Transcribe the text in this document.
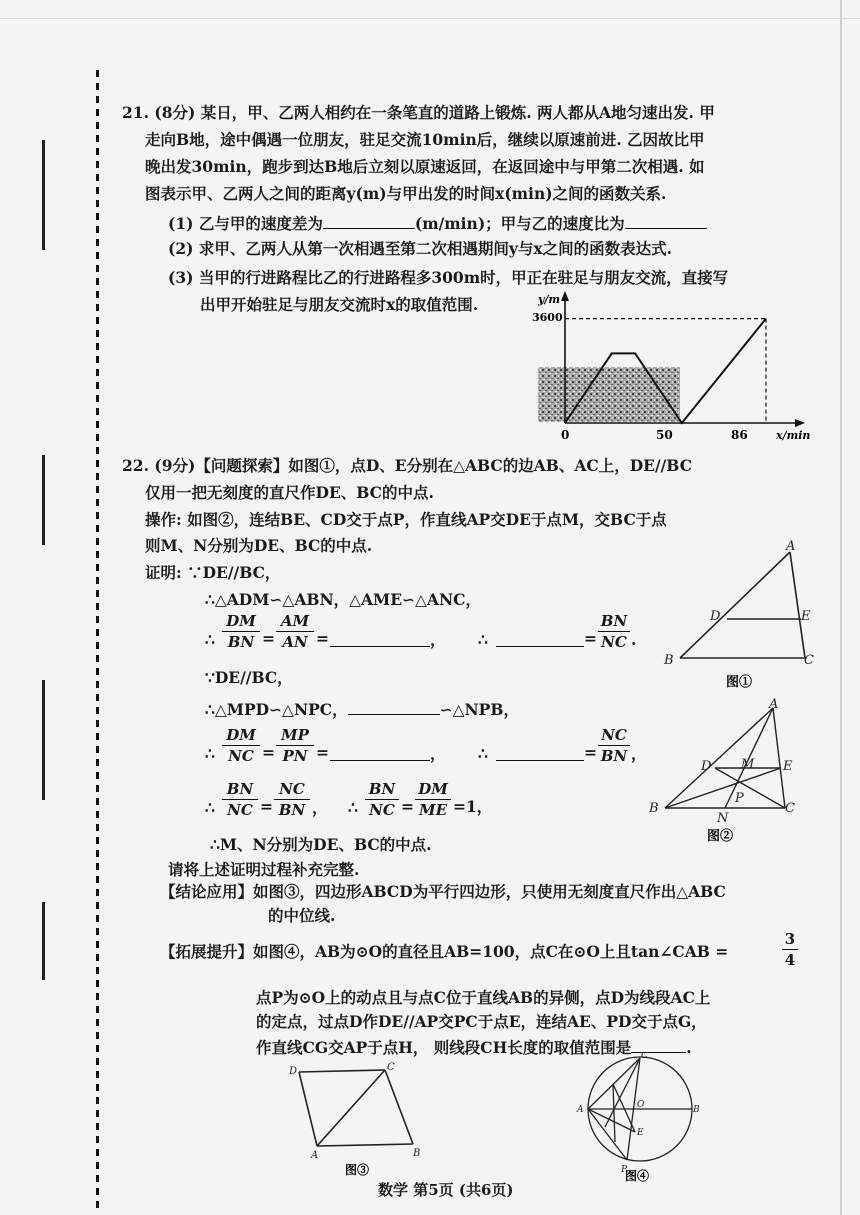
21. (8分) 某日，甲、乙两人相约在一条笔直的道路上锻炼. 两人都从A地匀速出发. 甲
走向B地，途中偶遇一位朋友，驻足交流10min后，继续以原速前进. 乙因故比甲
晚出发30min，跑步到达B地后立刻以原速返回，在返回途中与甲第二次相遇. 如
图表示甲、乙两人之间的距离y(m)与甲出发的时间x(min)之间的函数关系.
(1) 乙与甲的速度差为	(m/min)；甲与乙的速度比为
(2) 求甲、乙两人从第一次相遇至第二次相遇期间y与x之间的函数表达式.
(3) 当甲的行进路程比乙的行进路程多300m时，甲正在驻足与朋友交流，直接写
出甲开始驻足与朋友交流时x的取值范围.	y/m
x/min
3600
0	50	86
22. (9分)【问题探索】如图①，点D、E分别在△ABC的边AB、AC上，DE//BC
仅用一把无刻度的直尺作DE、BC的中点.
操作: 如图②，连结BE、CD交于点P，作直线AP交DE于点M，交BC于点
则M、N分别为DE、BC的中点.
证明: ∵DE//BC，
∴△ADM∽△ABN，△AME∽△ANC，
∴ $\frac{DM}{BN} = \frac{AM}{AN}$ =	， ∴	= $\frac{BN}{NC}$ .
∵DE//BC，
∴△MPD∽△NPC，	∽△NPB，
∴ $\frac{DM}{NC} = \frac{MP}{PN}$ =	， ∴	= $\frac{NC}{BN}$ ，
∴ $\frac{BN}{NC} = \frac{NC}{BN}$ ， ∴ $\frac{BN}{NC} = \frac{DM}{ME} =1$，
∴M、N分别为DE、BC的中点.
请将上述证明过程补充完整.
【结论应用】如图③，四边形ABCD为平行四边形，只使用无刻度直尺作出△ABC
的中位线.
【拓展提升】如图④，AB为⊙O的直径且AB=100，点C在⊙O上且tan∠CAB =	$\frac{3}{4}$
点P为⊙O上的动点且与点C位于直线AB的异侧，点D为线段AC上
的定点，过点D作DE//AP交PC于点E，连结AE、PD交于点G，
作直线CG交AP于点H， 则线段CH长度的取值范围是	.
A
D	E
B	C
图①
A
D M E
P
B	C
N
图②
D	C
A	B
图③
A
C
B
O
P
E
图④
数学 第5页 (共6页)
